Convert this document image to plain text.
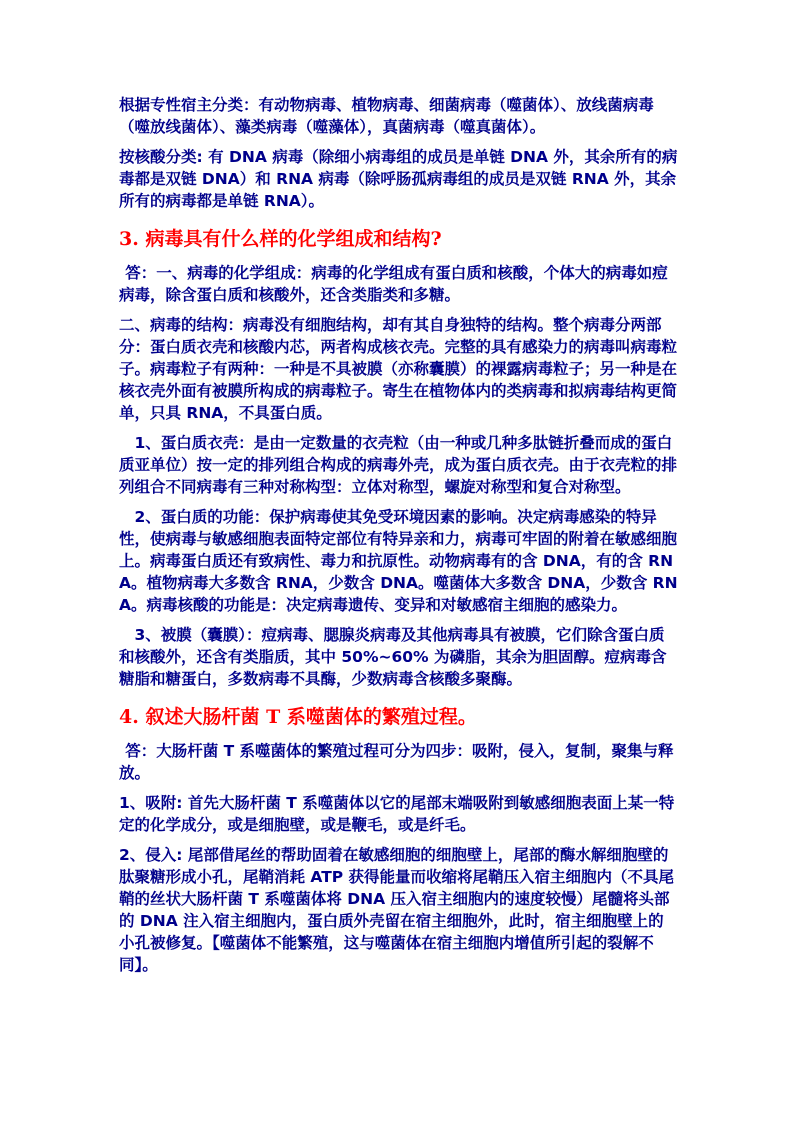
根据专性宿主分类：有动物病毒、植物病毒、细菌病毒（噬菌体）、放线菌病毒（噬放线菌体）、藻类病毒（噬藻体），真菌病毒（噬真菌体）。

按核酸分类: 有 DNA 病毒（除细小病毒组的成员是单链 DNA 外，其余所有的病毒都是双链 DNA）和 RNA 病毒（除呼肠孤病毒组的成员是双链 RNA 外，其余所有的病毒都是单链 RNA）。

3. 病毒具有什么样的化学组成和结构?

答：一、病毒的化学组成：病毒的化学组成有蛋白质和核酸，个体大的病毒如痘病毒，除含蛋白质和核酸外，还含类脂类和多糖。

二、病毒的结构：病毒没有细胞结构，却有其自身独特的结构。整个病毒分两部分：蛋白质衣壳和核酸内芯，两者构成核衣壳。完整的具有感染力的病毒叫病毒粒子。病毒粒子有两种：一种是不具被膜（亦称囊膜）的裸露病毒粒子；另一种是在核衣壳外面有被膜所构成的病毒粒子。寄生在植物体内的类病毒和拟病毒结构更简单，只具 RNA，不具蛋白质。

1、蛋白质衣壳：是由一定数量的衣壳粒（由一种或几种多肽链折叠而成的蛋白质亚单位）按一定的排列组合构成的病毒外壳，成为蛋白质衣壳。由于衣壳粒的排列组合不同病毒有三种对称构型：立体对称型，螺旋对称型和复合对称型。

2、蛋白质的功能：保护病毒使其免受环境因素的影响。决定病毒感染的特异性，使病毒与敏感细胞表面特定部位有特异亲和力，病毒可牢固的附着在敏感细胞上。病毒蛋白质还有致病性、毒力和抗原性。动物病毒有的含 DNA，有的含 RNA。植物病毒大多数含 RNA，少数含 DNA。噬菌体大多数含 DNA，少数含 RNA。病毒核酸的功能是：决定病毒遗传、变异和对敏感宿主细胞的感染力。

3、被膜（囊膜）：痘病毒、腮腺炎病毒及其他病毒具有被膜，它们除含蛋白质和核酸外，还含有类脂质，其中 50%~60% 为磷脂，其余为胆固醇。痘病毒含糖脂和糖蛋白，多数病毒不具酶，少数病毒含核酸多聚酶。

4. 叙述大肠杆菌 T 系噬菌体的繁殖过程。

答：大肠杆菌 T 系噬菌体的繁殖过程可分为四步：吸附，侵入，复制，聚集与释放。

1、吸附: 首先大肠杆菌 T 系噬菌体以它的尾部末端吸附到敏感细胞表面上某一特定的化学成分，或是细胞壁，或是鞭毛，或是纤毛。

2、侵入: 尾部借尾丝的帮助固着在敏感细胞的细胞壁上，尾部的酶水解细胞壁的肽聚糖形成小孔，尾鞘消耗 ATP 获得能量而收缩将尾鞘压入宿主细胞内（不具尾鞘的丝状大肠杆菌 T 系噬菌体将 DNA 压入宿主细胞内的速度较慢）尾髓将头部的 DNA 注入宿主细胞内，蛋白质外壳留在宿主细胞外，此时，宿主细胞壁上的小孔被修复。【噬菌体不能繁殖，这与噬菌体在宿主细胞内增值所引起的裂解不同】。
